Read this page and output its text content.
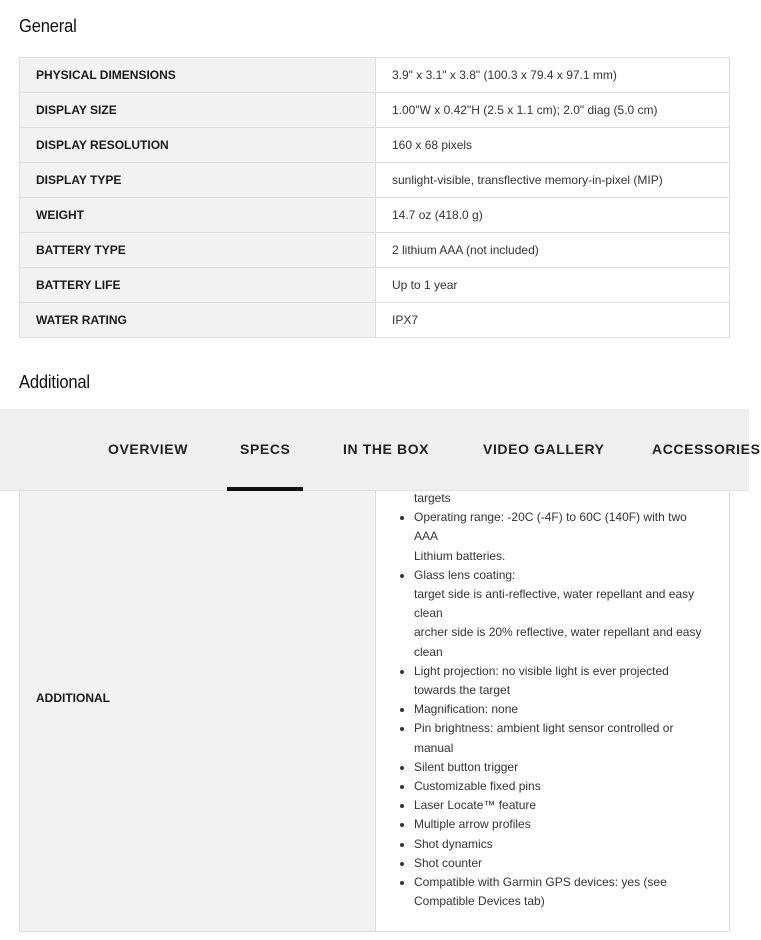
General
PHYSICAL DIMENSIONS	3.9" x 3.1" x 3.8" (100.3 x 79.4 x 97.1 mm)
DISPLAY SIZE	1.00"W x 0.42"H (2.5 x 1.1 cm); 2.0" diag (5.0 cm)
DISPLAY RESOLUTION	160 x 68 pixels
DISPLAY TYPE	sunlight-visible, transflective memory-in-pixel (MIP)
WEIGHT	14.7 oz (418.0 g)
BATTERY TYPE	2 lithium AAA (not included)
BATTERY LIFE	Up to 1 year
WATER RATING	IPX7
Additional
ADDITIONAL	
targets
• Operating range: -20C (-4F) to 60C (140F) with two AAA
Lithium batteries.
• Glass lens coating:
target side is anti-reflective, water repellant and easy clean
archer side is 20% reflective, water repellant and easy clean
• Light projection: no visible light is ever projected
towards the target
• Magnification: none
• Pin brightness: ambient light sensor controlled or
manual
• Silent button trigger
• Customizable fixed pins
• Laser Locate™ feature
• Multiple arrow profiles
• Shot dynamics
• Shot counter
• Compatible with Garmin GPS devices: yes (see
Compatible Devices tab)
OVERVIEW	SPECS	IN THE BOX	VIDEO GALLERY	ACCESSORIES
